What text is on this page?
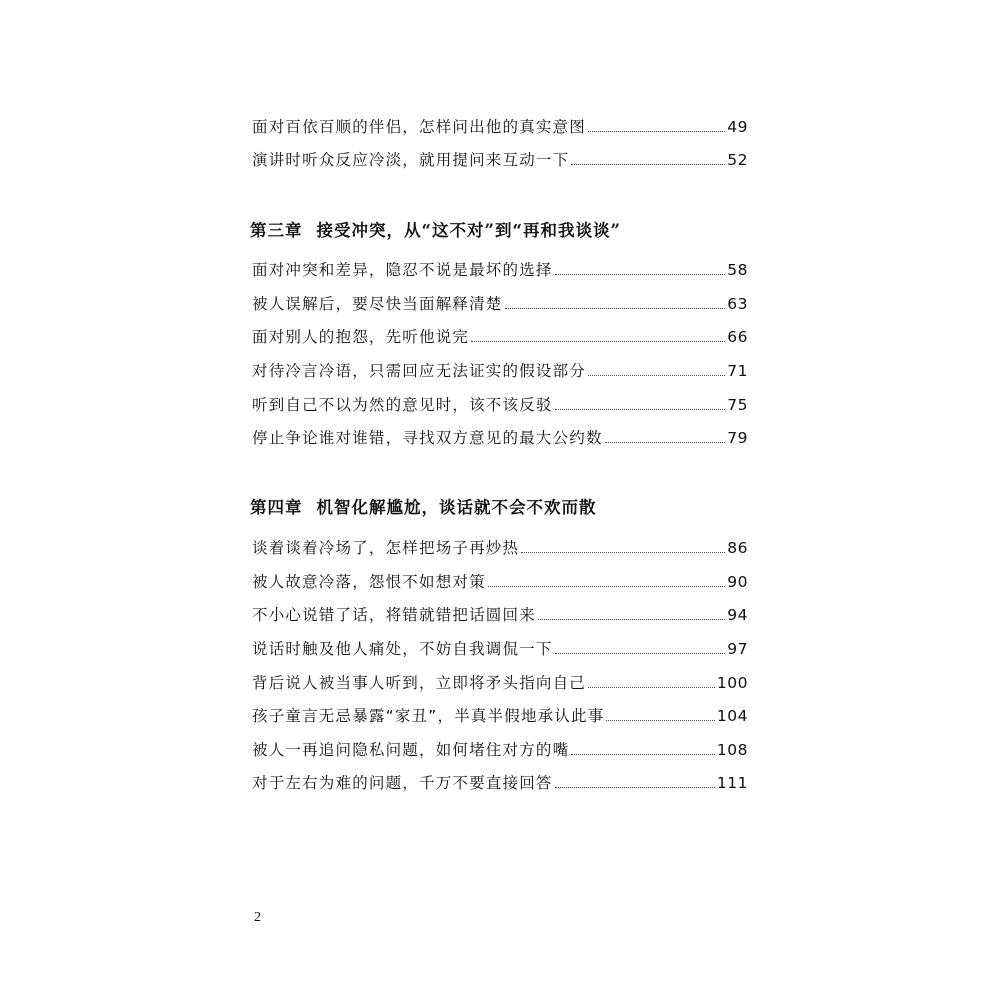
面对百依百顺的伴侣，怎样问出他的真实意图	49
演讲时听众反应冷淡，就用提问来互动一下	52
第三章 接受冲突，从“这不对”到“再和我谈谈”
面对冲突和差异，隐忍不说是最坏的选择	58
被人误解后，要尽快当面解释清楚	63
面对别人的抱怨，先听他说完	66
对待冷言冷语，只需回应无法证实的假设部分	71
听到自己不以为然的意见时，该不该反驳	75
停止争论谁对谁错，寻找双方意见的最大公约数	79
第四章 机智化解尴尬，谈话就不会不欢而散
谈着谈着冷场了，怎样把场子再炒热	86
被人故意冷落，怨恨不如想对策	90
不小心说错了话，将错就错把话圆回来	94
说话时触及他人痛处，不妨自我调侃一下	97
背后说人被当事人听到，立即将矛头指向自己	100
孩子童言无忌暴露“家丑”，半真半假地承认此事	104
被人一再追问隐私问题，如何堵住对方的嘴	108
对于左右为难的问题，千万不要直接回答	111
2
